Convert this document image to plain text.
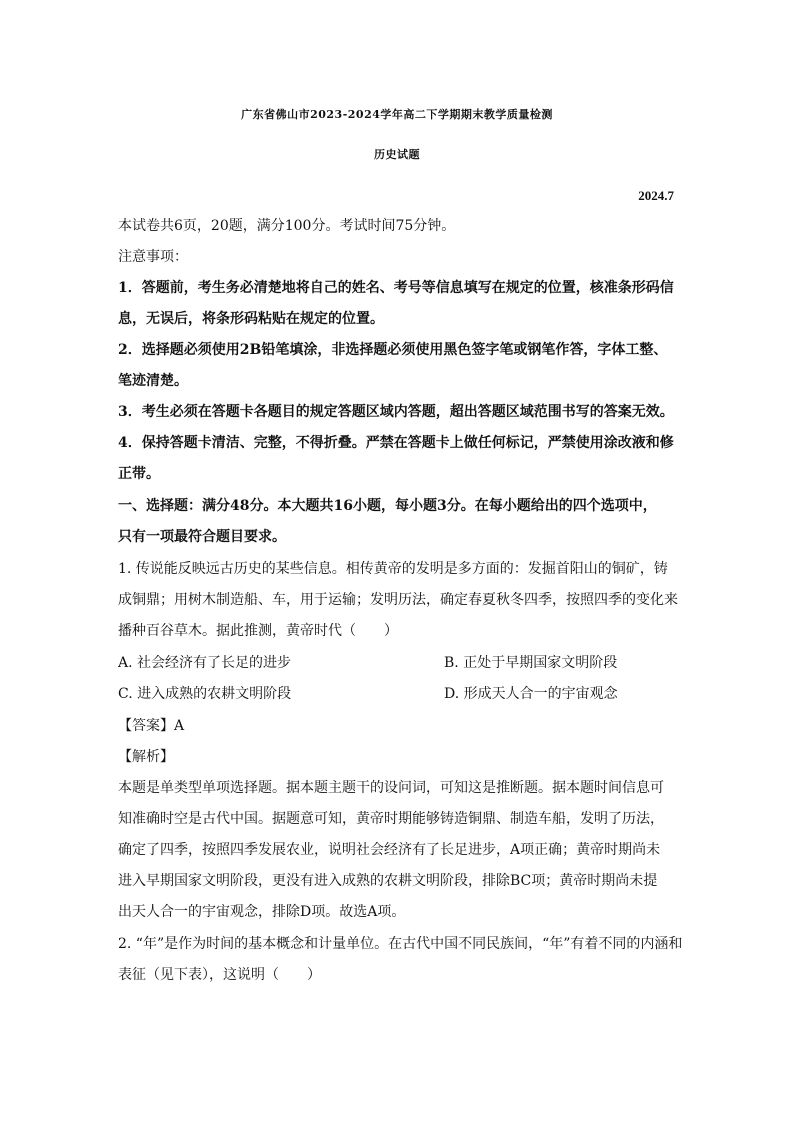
广东省佛山市2023-2024学年高二下学期期末教学质量检测
历史试题
2024.7
本试卷共6页，20题，满分100分。考试时间75分钟。
注意事项：
1．答题前，考生务必清楚地将自己的姓名、考号等信息填写在规定的位置，核准条形码信
息，无误后，将条形码粘贴在规定的位置。
2．选择题必须使用2B铅笔填涂，非选择题必须使用黑色签字笔或钢笔作答，字体工整、
笔迹清楚。
3．考生必须在答题卡各题目的规定答题区域内答题，超出答题区域范围书写的答案无效。
4．保持答题卡清洁、完整，不得折叠。严禁在答题卡上做任何标记，严禁使用涂改液和修
正带。
一、选择题：满分48分。本大题共16小题，每小题3分。在每小题给出的四个选项中，
只有一项最符合题目要求。
1. 传说能反映远古历史的某些信息。相传黄帝的发明是多方面的：发掘首阳山的铜矿，铸
成铜鼎；用树木制造船、车，用于运输；发明历法，确定春夏秋冬四季，按照四季的变化来
播种百谷草木。据此推测，黄帝时代（　　）
A. 社会经济有了长足的进步	B. 正处于早期国家文明阶段
C. 进入成熟的农耕文明阶段	D. 形成天人合一的宇宙观念
【答案】A
【解析】
本题是单类型单项选择题。据本题主题干的设问词，可知这是推断题。据本题时间信息可
知准确时空是古代中国。据题意可知，黄帝时期能够铸造铜鼎、制造车船，发明了历法，
确定了四季，按照四季发展农业，说明社会经济有了长足进步，A项正确；黄帝时期尚未
进入早期国家文明阶段，更没有进入成熟的农耕文明阶段，排除BC项；黄帝时期尚未提
出天人合一的宇宙观念，排除D项。故选A项。
2. “年”是作为时间的基本概念和计量单位。在古代中国不同民族间，“年”有着不同的内涵和
表征（见下表），这说明（　　）
